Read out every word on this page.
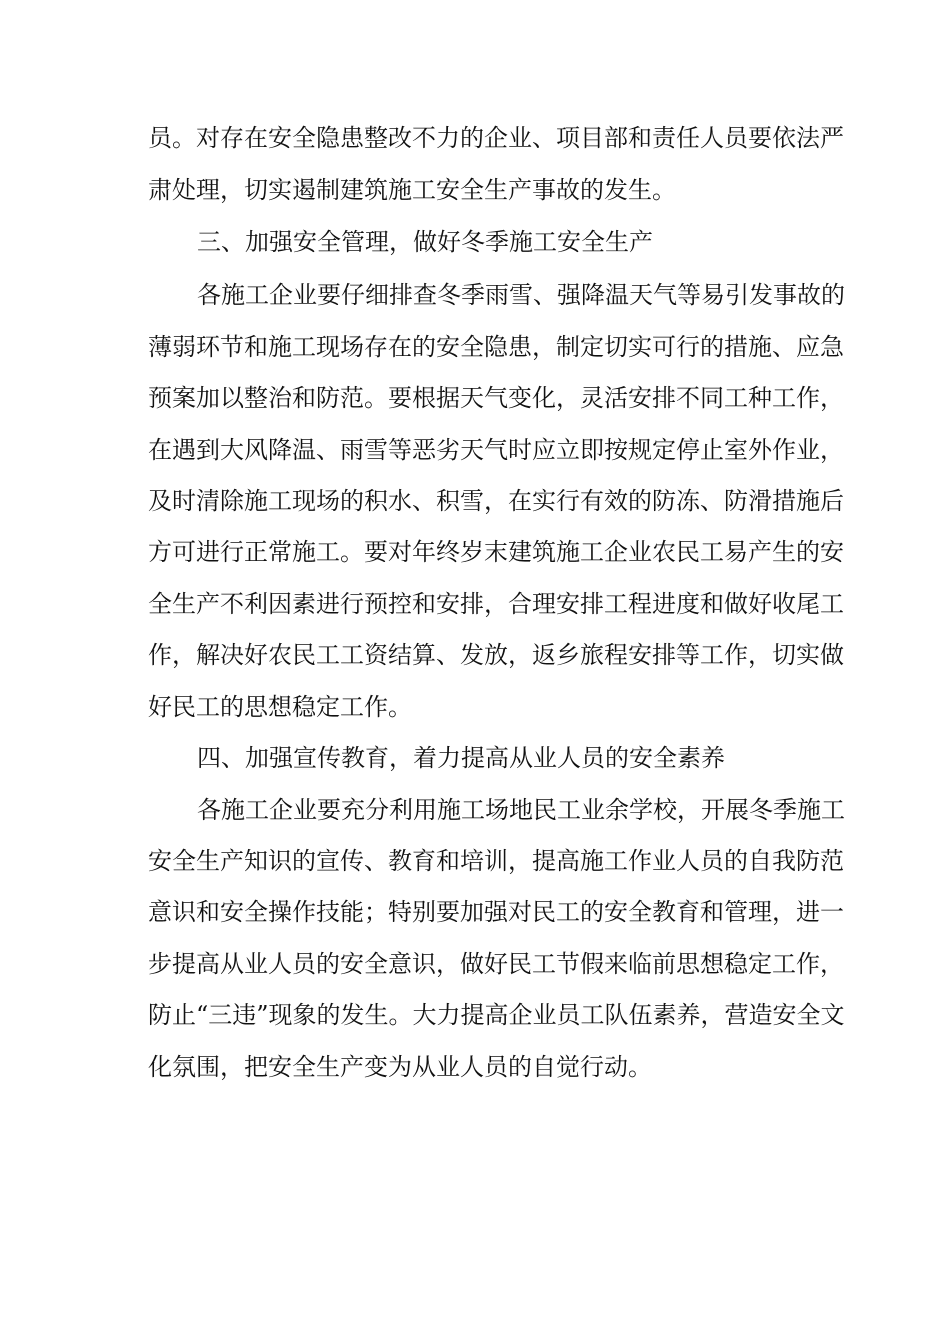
员。对存在安全隐患整改不力的企业、项目部和责任人员要依法严
肃处理，切实遏制建筑施工安全生产事故的发生。
三、加强安全管理，做好冬季施工安全生产
各施工企业要仔细排查冬季雨雪、强降温天气等易引发事故的
薄弱环节和施工现场存在的安全隐患，制定切实可行的措施、应急
预案加以整治和防范。要根据天气变化，灵活安排不同工种工作，
在遇到大风降温、雨雪等恶劣天气时应立即按规定停止室外作业，
及时清除施工现场的积水、积雪，在实行有效的防冻、防滑措施后
方可进行正常施工。要对年终岁末建筑施工企业农民工易产生的安
全生产不利因素进行预控和安排，合理安排工程进度和做好收尾工
作，解决好农民工工资结算、发放，返乡旅程安排等工作，切实做
好民工的思想稳定工作。
四、加强宣传教育，着力提高从业人员的安全素养
各施工企业要充分利用施工场地民工业余学校，开展冬季施工
安全生产知识的宣传、教育和培训，提高施工作业人员的自我防范
意识和安全操作技能；特别要加强对民工的安全教育和管理，进一
步提高从业人员的安全意识，做好民工节假来临前思想稳定工作，
防止“三违”现象的发生。大力提高企业员工队伍素养，营造安全文
化氛围，把安全生产变为从业人员的自觉行动。
